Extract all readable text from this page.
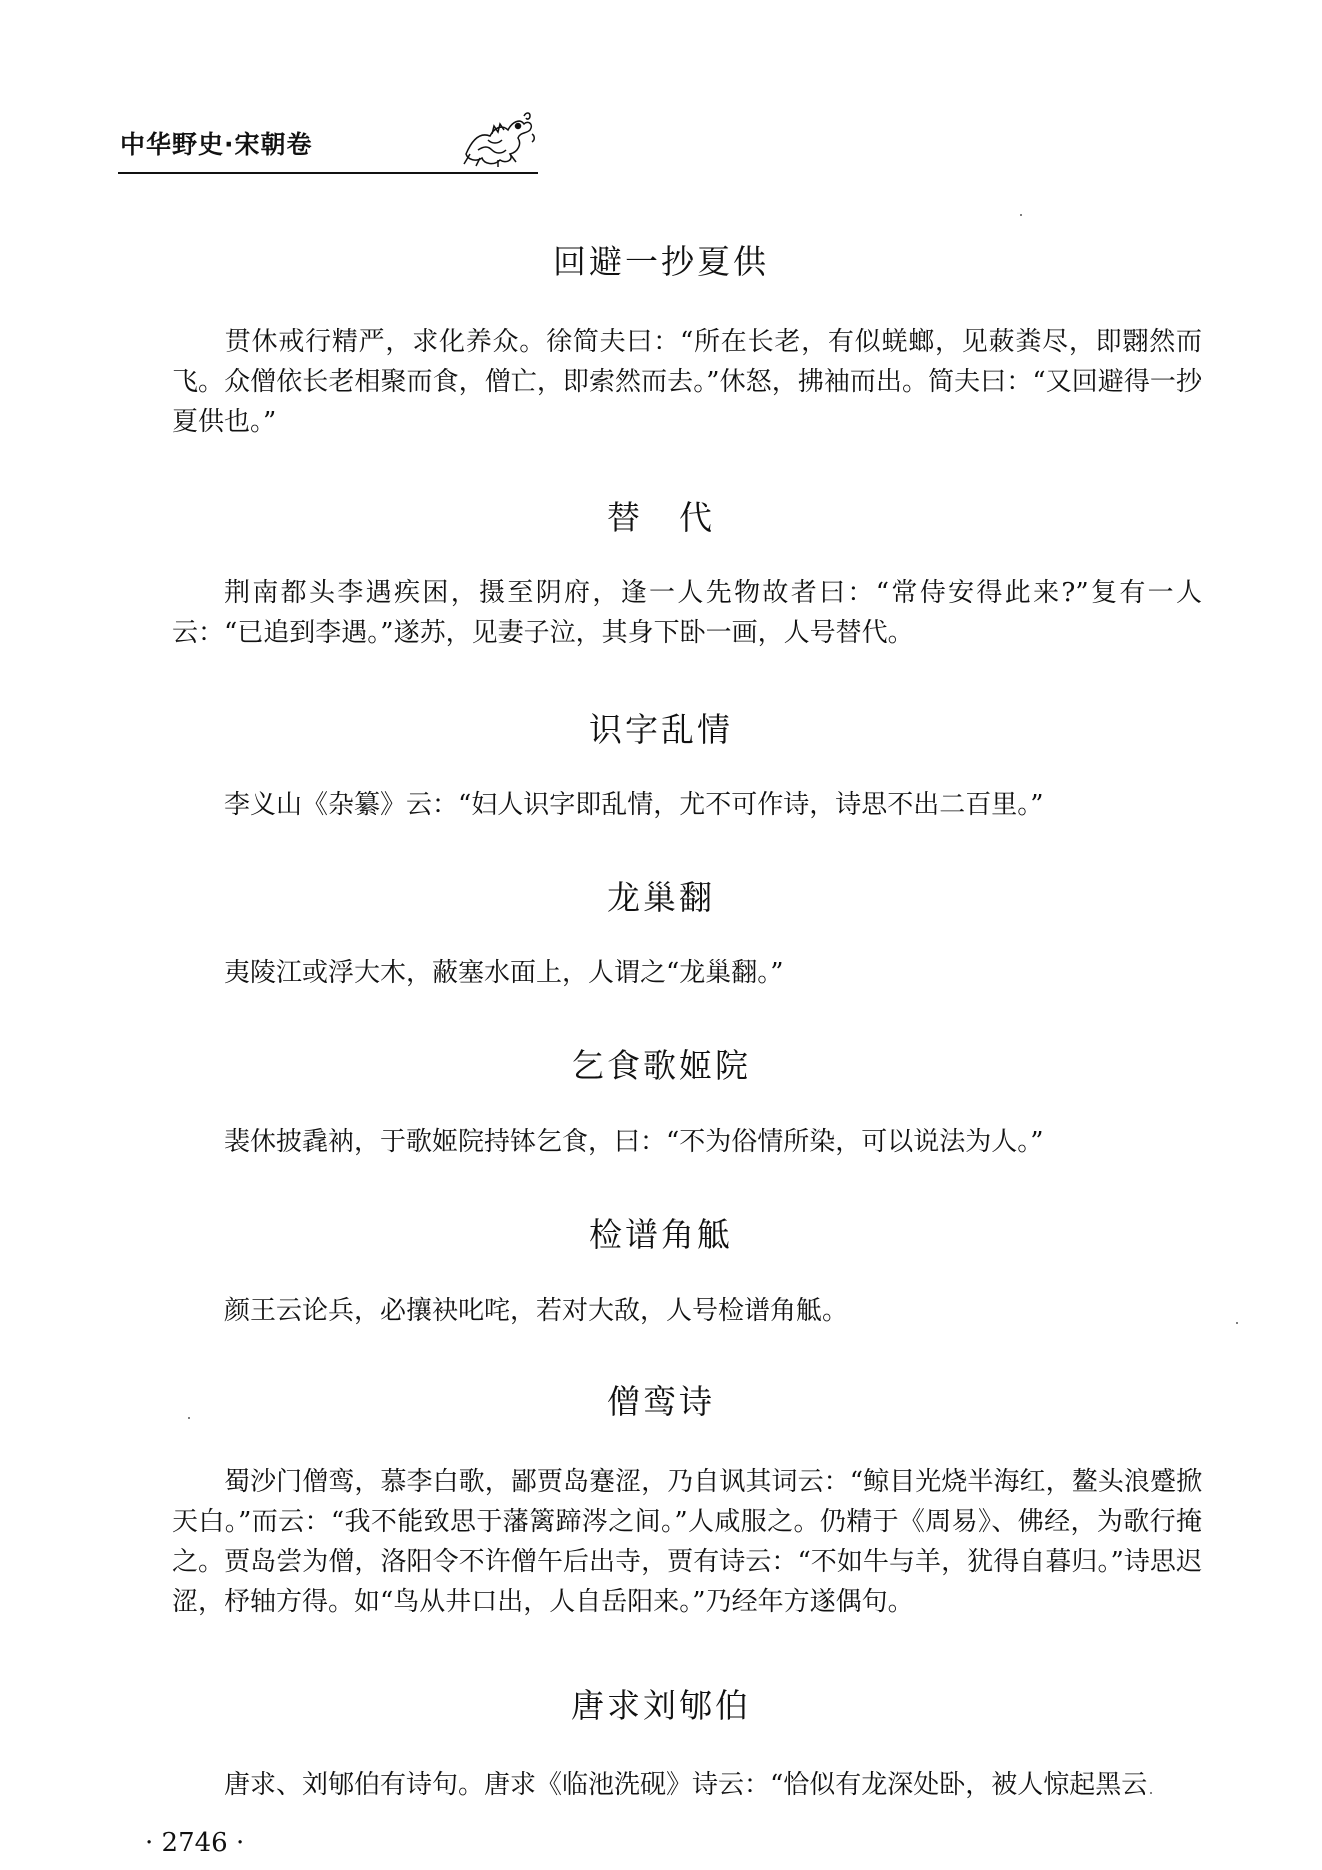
中华野史·宋朝卷
回避一抄夏供

贯休戒行精严，求化养众。徐简夫曰：“所在长老，有似蜣螂，见蓛粪尽，即翾然而飞。众僧依长老相聚而食，僧亡，即索然而去。”休怒，拂袖而出。简夫曰：“又回避得一抄夏供也。”

替　代

荆南都头李遇疾困，摄至阴府，逢一人先物故者曰：“常侍安得此来?”复有一人云：“已追到李遇。”遂苏，见妻子泣，其身下卧一画，人号替代。

识字乱情

李义山《杂纂》云：“妇人识字即乱情，尤不可作诗，诗思不出二百里。”

龙巢翻

夷陵江或浮大木，蔽塞水面上，人谓之“龙巢翻。”

乞食歌姬院

裴休披毳衲，于歌姬院持钵乞食，曰：“不为俗情所染，可以说法为人。”

检谱角觝

颜王云论兵，必攘袂叱咤，若对大敌，人号检谱角觝。

僧鸾诗

蜀沙门僧鸾，慕李白歌，鄙贾岛蹇涩，乃自讽其词云：“鲸目光烧半海红，鳌头浪蹙掀天白。”而云：“我不能致思于藩篱蹄涔之间。”人咸服之。仍精于《周易》、佛经，为歌行掩之。贾岛尝为僧，洛阳令不许僧午后出寺，贾有诗云：“不如牛与羊，犹得自暮归。”诗思迟涩，杼轴方得。如“鸟从井口出，人自岳阳来。”乃经年方遂偶句。

唐求刘郇伯

唐求、刘郇伯有诗句。唐求《临池洗砚》诗云：“恰似有龙深处卧，被人惊起黑云

· 2746 ·
